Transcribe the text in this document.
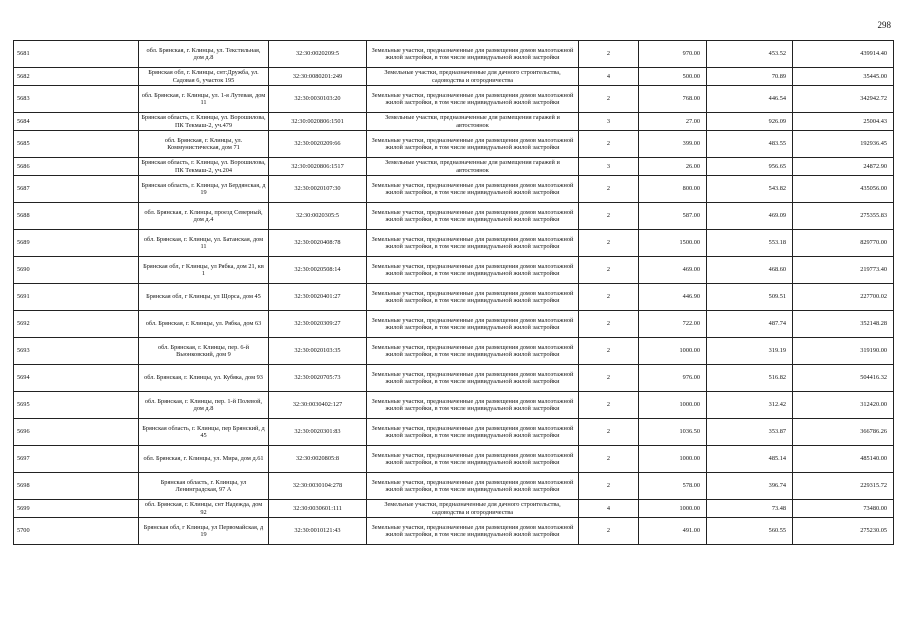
298
5681		обл. Брянская, г. Клинцы, ул. Текстильная, дом д.8	32:30:0020209:5	Земельные участки, предназначенные для размещения домов малоэтажной жилой застройки, в том числе индивидуальной жилой застройки	2	970.00	453.52	439914.40
5682		Брянская обл, г. Клинцы, снт:Дружба, ул. Садовая 6, участок 195	32:30:0080201:249	Земельные участки, предназначенные для дачного строительства, садоводства и огородничества	4	500.00	70.89	35445.00
5683		обл. Брянская, г. Клинцы, ул. 1-я Лутевая, дом 11	32:30:0030103:20	Земельные участки, предназначенные для размещения домов малоэтажной жилой застройки, в том числе индивидуальной жилой застройки	2	768.00	446.54	342942.72
5684		Брянская область, г. Клинцы, ул. Ворошилова, ПК Текмаш-2, уч.479	32:30:0020806:1501	Земельные участки, предназначенные для размещения гаражей и автостоянок	3	27.00	926.09	25004.43
5685		обл. Брянская, г. Клинцы, ул. Коммунистическая, дом 71	32:30:0020209:66	Земельные участки, предназначенные для размещения домов малоэтажной жилой застройки, в том числе индивидуальной жилой застройки	2	399.00	483.55	192936.45
5686		Брянская область, г. Клинцы, ул. Ворошилова, ПК Текмаш-2, уч.204	32:30:0020806:1517	Земельные участки, предназначенные для размещения гаражей и автостоянок	3	26.00	956.65	24872.90
5687		Брянская область, г. Клинцы, ул Бердянская, д 19	32:30:0020107:30	Земельные участки, предназначенные для размещения домов малоэтажной жилой застройки, в том числе индивидуальной жилой застройки	2	800.00	543.82	435056.00
5688		обл. Брянская, г. Клинцы, проезд Северный, дом д.4	32:30:0020305:5	Земельные участки, предназначенные для размещения домов малоэтажной жилой застройки, в том числе индивидуальной жилой застройки	2	587.00	469.09	275355.83
5689		обл. Брянская, г. Клинцы, ул. Батанская, дом 11	32:30:0020408:78	Земельные участки, предназначенные для размещения домов малоэтажной жилой застройки, в том числе индивидуальной жилой застройки	2	1500.00	553.18	829770.00
5690		Брянская обл, г Клинцы, ул Рябка, дом 21, кв 1	32:30:0020508:14	Земельные участки, предназначенные для размещения домов малоэтажной жилой застройки, в том числе индивидуальной жилой застройки	2	469.00	468.60	219773.40
5691		Брянская обл, г Клинцы, ул Щорса, дом 45	32:30:0020401:27	Земельные участки, предназначенные для размещения домов малоэтажной жилой застройки, в том числе индивидуальной жилой застройки	2	446.90	509.51	227700.02
5692		обл. Брянская, г. Клинцы, ул. Рябка, дом 63	32:30:0020309:27	Земельные участки, предназначенные для размещения домов малоэтажной жилой застройки, в том числе индивидуальной жилой застройки	2	722.00	487.74	352148.28
5693		обл. Брянская, г. Клинцы, пер. 6-й Вьюнковский, дом 9	32:30:0020103:35	Земельные участки, предназначенные для размещения домов малоэтажной жилой застройки, в том числе индивидуальной жилой застройки	2	1000.00	319.19	319190.00
5694		обл. Брянская, г. Клинцы, ул. Кубяка, дом 93	32:30:0020705:73	Земельные участки, предназначенные для размещения домов малоэтажной жилой застройки, в том числе индивидуальной жилой застройки	2	976.00	516.82	504416.32
5695		обл. Брянская, г. Клинцы, пер. 1-й Полевой, дом д.8	32:30:0030402:127	Земельные участки, предназначенные для размещения домов малоэтажной жилой застройки, в том числе индивидуальной жилой застройки	2	1000.00	312.42	312420.00
5696		Брянская область, г. Клинцы, пер Брянский, д 45	32:30:0020301:83	Земельные участки, предназначенные для размещения домов малоэтажной жилой застройки, в том числе индивидуальной жилой застройки	2	1036.50	353.87	366786.26
5697		обл. Брянская, г. Клинцы, ул. Мира, дом д.61	32:30:0020805:8	Земельные участки, предназначенные для размещения домов малоэтажной жилой застройки, в том числе индивидуальной жилой застройки	2	1000.00	485.14	485140.00
5698		Брянская область, г. Клинцы, ул Ленинградская, 97 А	32:30:0030104:278	Земельные участки, предназначенные для размещения домов малоэтажной жилой застройки, в том числе индивидуальной жилой застройки	2	578.00	396.74	229315.72
5699		обл. Брянская, г. Клинцы, снт Надежда, дом 92	32:30:0030601:111	Земельные участки, предназначенные для дачного строительства, садоводства и огородничества	4	1000.00	73.48	73480.00
5700		Брянская обл, г Клинцы, ул Первомайская, д 19	32:30:0010121:43	Земельные участки, предназначенные для размещения домов малоэтажной жилой застройки, в том числе индивидуальной жилой застройки	2	491.00	560.55	275230.05
